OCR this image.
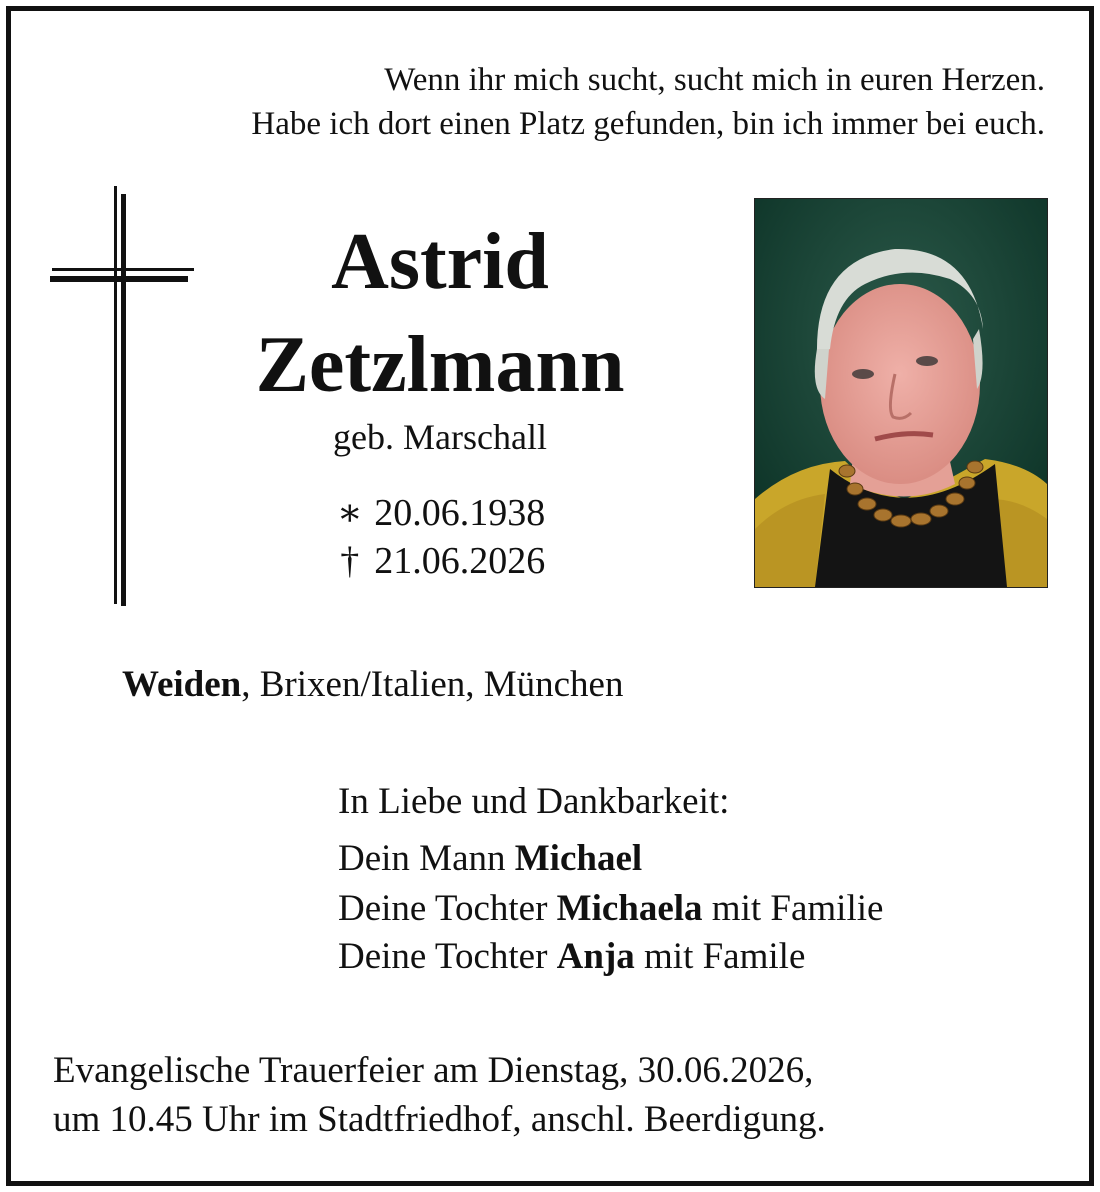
Wenn ihr mich sucht, sucht mich in euren Herzen.
Habe ich dort einen Platz gefunden, bin ich immer bei euch.
Astrid
Zetzlmann
geb. Marschall
∗ 20.06.1938
† 21.06.2026
Weiden, Brixen/Italien, München
In Liebe und Dankbarkeit:
Dein Mann Michael
Deine Tochter Michaela mit Familie
Deine Tochter Anja mit Famile
Evangelische Trauerfeier am Dienstag, 30.06.2026,
um 10.45 Uhr im Stadtfriedhof, anschl. Beerdigung.
